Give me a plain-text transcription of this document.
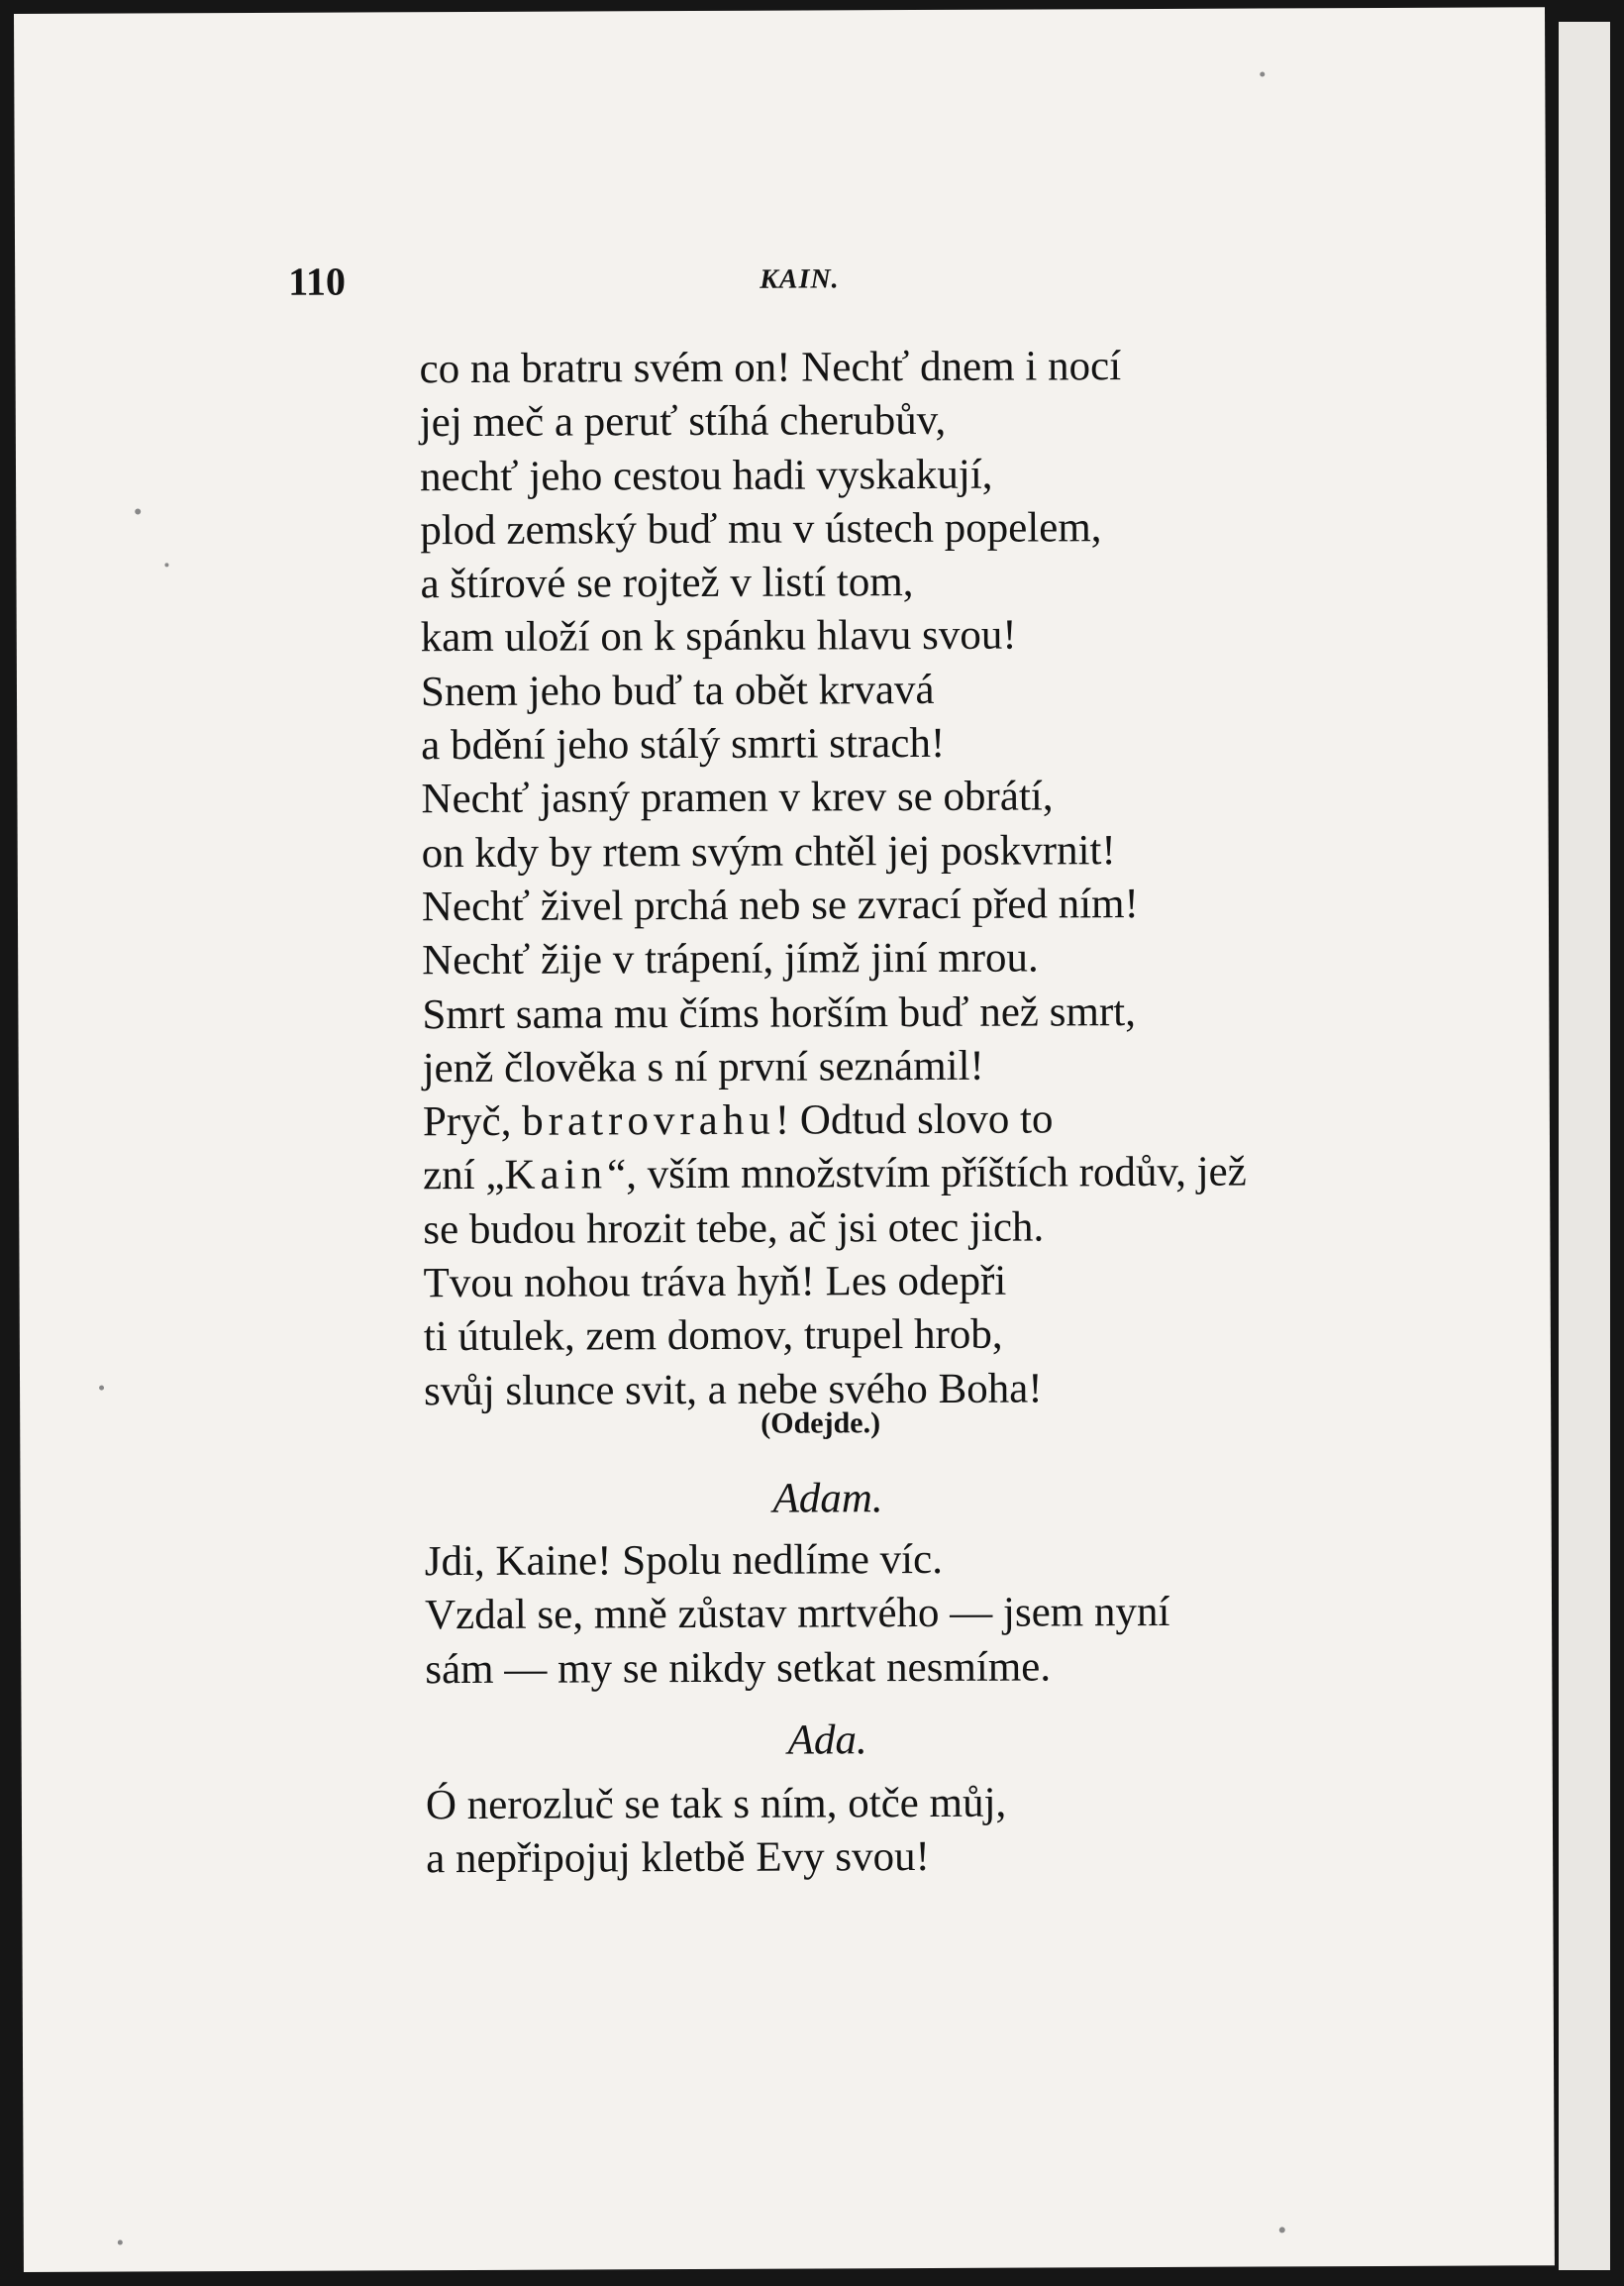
110	KAIN.
co na bratru svém on! Nechť dnem i nocí
jej meč a peruť stíhá cherubův,
nechť jeho cestou hadi vyskakují,
plod zemský buď mu v ústech popelem,
a štírové se rojtež v listí tom,
kam uloží on k spánku hlavu svou!
Snem jeho buď ta obět krvavá
a bdění jeho stálý smrti strach!
Nechť jasný pramen v krev se obrátí,
on kdy by rtem svým chtěl jej poskvrnit!
Nechť živel prchá neb se zvrací před ním!
Nechť žije v trápení, jímž jiní mrou.
Smrt sama mu číms horším buď než smrt,
jenž člověka s ní první seznámil!
Pryč, bratrovrahu! Odtud slovo to
zní „Kain“, vším množstvím příštích rodův, jež
se budou hrozit tebe, ač jsi otec jich.
Tvou nohou tráva hyň! Les odepři
ti útulek, zem domov, trupel hrob,
svůj slunce svit, a nebe svého Boha!
(Odejde.)
Adam.
Jdi, Kaine! Spolu nedlíme víc.
Vzdal se, mně zůstav mrtvého — jsem nyní
sám — my se nikdy setkat nesmíme.
Ada.
Ó nerozluč se tak s ním, otče můj,
a nepřipojuj kletbě Evy svou!
